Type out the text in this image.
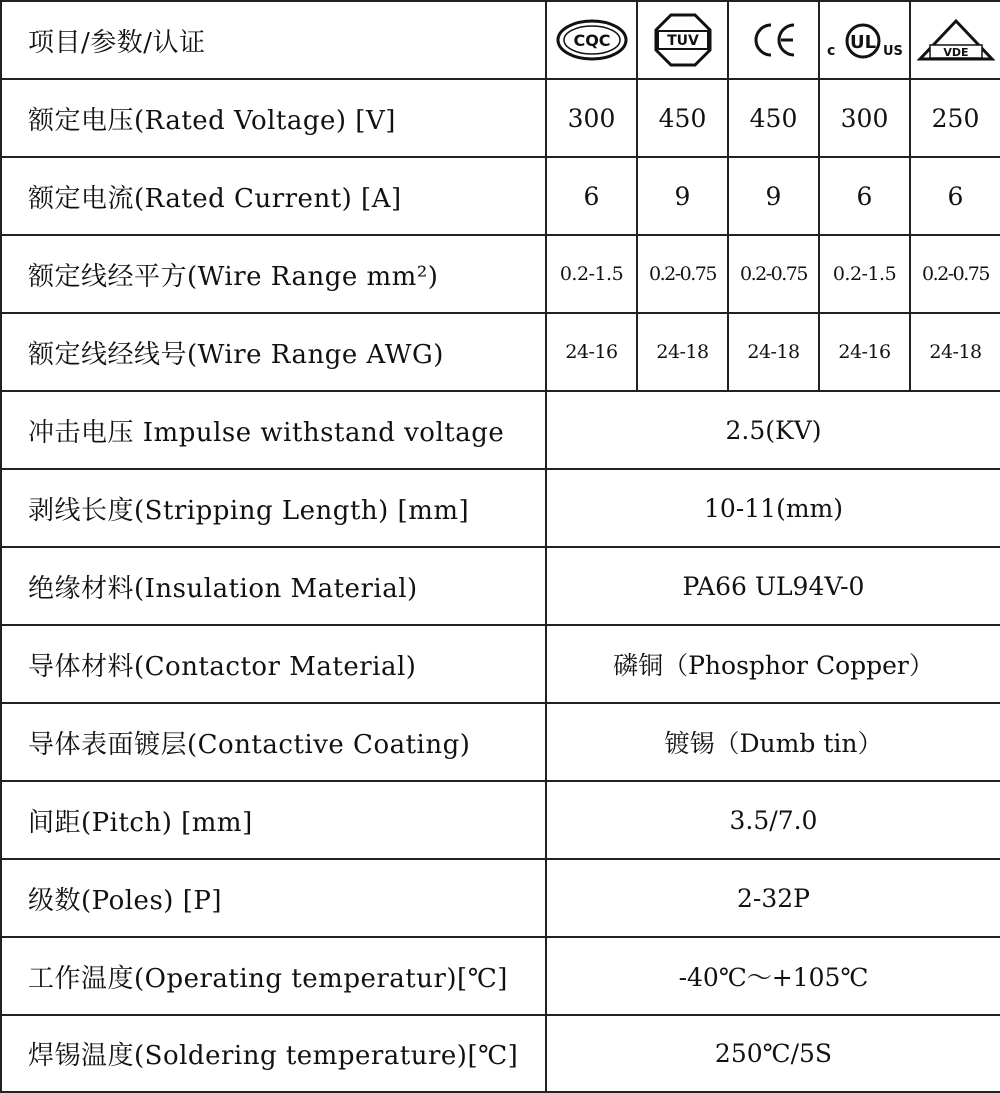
项目/参数/认证	CQC	TUV		c UL US	VDE

额定电压(Rated Voltage) [V]	300	450	450	300	250
额定电流(Rated Current) [A]	6	9	9	6	6
额定线经平方(Wire Range mm²)	0.2-1.5	0.2-0.75	0.2-0.75	0.2-1.5	0.2-0.75
额定线经线号(Wire Range AWG)	24-16	24-18	24-18	24-16	24-18
冲击电压 Impulse withstand voltage	2.5(KV)				
剥线长度(Stripping Length) [mm]	10-11(mm)				
绝缘材料(Insulation Material)	PA66 UL94V-0				
导体材料(Contactor Material)	磷铜（Phosphor Copper）				
导体表面镀层(Contactive Coating)	镀锡（Dumb tin）				
间距(Pitch) [mm]	3.5/7.0				
级数(Poles) [P]	2-32P				
工作温度(Operating temperatur)[℃]	-40℃～+105℃				
焊锡温度(Soldering temperature)[℃]	250℃/5S				
